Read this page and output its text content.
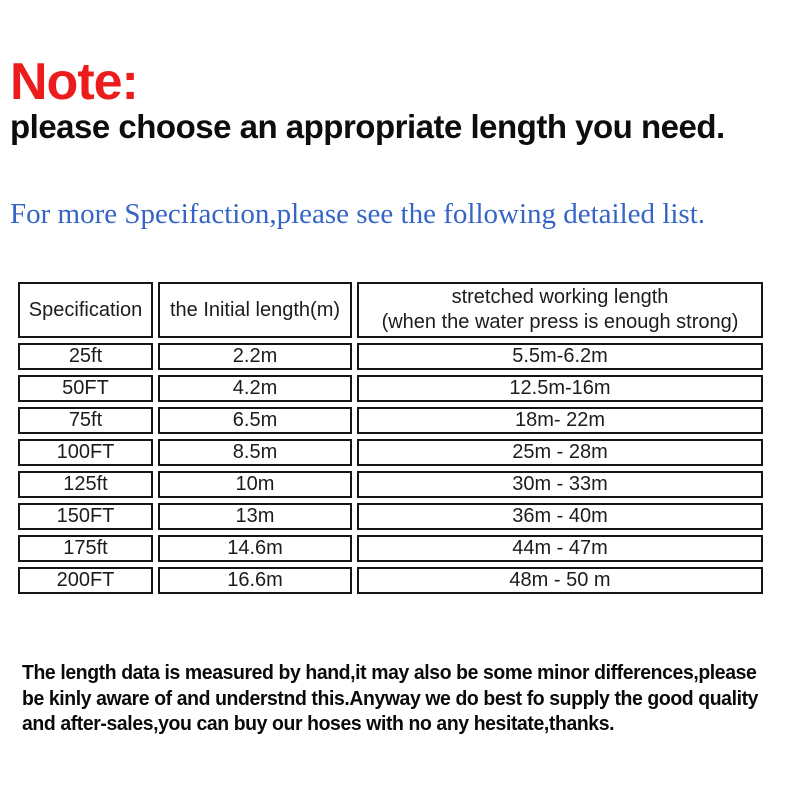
Note:
please choose an appropriate length you need.
For more Specifaction,please see the following detailed list.
Specification	the Initial length(m)	stretched working length
(when the water press is enough strong)

25ft	2.2m	5.5m-6.2m
50FT	4.2m	12.5m-16m
75ft	6.5m	18m- 22m
100FT	8.5m	25m - 28m
125ft	10m	30m - 33m
150FT	13m	36m - 40m
175ft	14.6m	44m - 47m
200FT	16.6m	48m - 50 m
The length data is measured by hand,it may also be some minor differences,please
be kinly aware of and understnd this.Anyway we do best fo supply the good quality
and after-sales,you can buy our hoses with no any hesitate,thanks.
